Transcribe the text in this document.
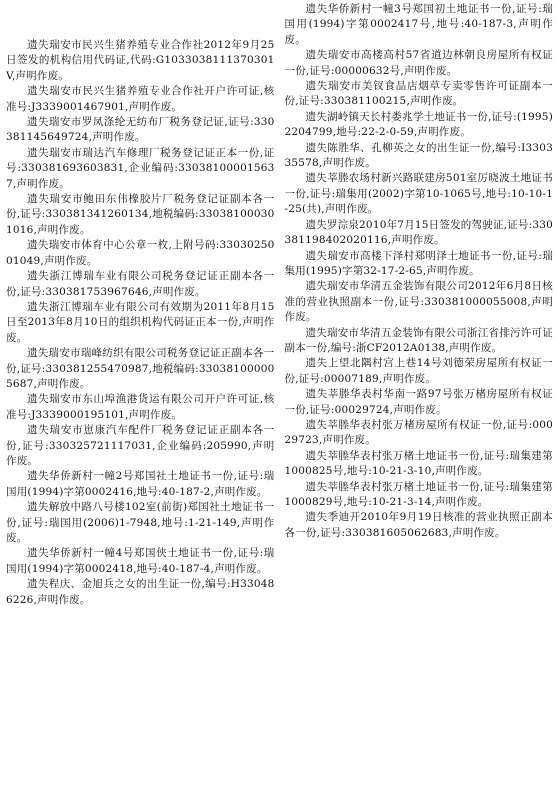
遗失瑞安市民兴生猪养殖专业合作社2012年9月25日签发的机构信用代码证,代码:G1033038111370301V,声明作废。

遗失瑞安市民兴生猪养殖专业合作社开户许可证,核准号:J3339001467901,声明作废。

遗失瑞安市罗凤涤纶无纺布厂税务登记证,证号:330381145649724,声明作废。

遗失瑞安市瑞达汽车修理厂税务登记证正本一份,证号:330381693603831,企业编码:330381000015637,声明作废。

遗失瑞安市鲍田东伟橡胶片厂税务登记证副本各一份,证号:330381341260134,地税编码:330381000301016,声明作废。

遗失瑞安市体育中心公章一枚,上附号码:3303025001049,声明作废。

遗失浙江博瑞车业有限公司税务登记证正副本各一份,证号:330381753967646,声明作废。

遗失浙江博瑞车业有限公司有效期为2011年8月15日至2013年8月10日的组织机构代码证正本一份,声明作废。

遗失瑞安市瑞峰纺织有限公司税务登记证正副本各一份,证号:330381255470987,地税编码:330381000005687,声明作废。

遗失瑞安市东山埠渔港货运有限公司开户许可证,核准号:J3339000195101,声明作废。

遗失瑞安市崽康汽车配件厂税务登记证正副本各一份,证号:330325721117031,企业编码:205990,声明作废。

遗失华侨新村一幢2号郑国社土地证书一份,证号:瑞国用(1994)字第0002416,地号:40-187-2,声明作废。

遗失解放中路八号楼102室(前街)郑国社土地证书一份,证号:瑞国用(2006)1-7948,地号:1-21-149,声明作废。

遗失华侨新村一幢4号郑国侠土地证书一份,证号:瑞国用(1994)字第0002418,地号:40-187-4,声明作废。

遗失程庆、金旭兵之女的出生证一份,编号:H330486226,声明作废。

遗失华侨新村一幢3号郑国初土地证书一份,证号:瑞国用(1994)字第0002417号,地号:40-187-3,声明作废。

遗失瑞安市高楼高村57省道边林朝良房屋所有权证一份,证号:00000632号,声明作废。

遗失瑞安市美钗食品店烟草专卖零售许可证副本一份,证号:330381100215,声明作废。

遗失湖岭镇天长村娄兆学土地证书一份,证号:(1995)2204799,地号:22-2-0-59,声明作废。

遗失陈胜华、孔柳英之女的出生证一份,编号:I330335578,声明作废。

遗失莘塍农场村新兴路联建房501室厉晓波土地证书一份,证号:瑞集用(2002)字第10-1065号,地号:10-10-1-25(共),声明作废。

遗失罗淙泉2010年7月15日签发的驾驶证,证号:330381198402020116,声明作废。

遗失瑞安市高楼下泽村郑明泽土地证书一份,证号:瑞集用(1995)字第32-17-2-65,声明作废。

遗失瑞安市华清五金装饰有限公司2012年6月8日核准的营业执照副本一份,证号:330381000055008,声明作废。

遗失瑞安市华清五金装饰有限公司浙江省排污许可证副本一份,编号:浙CF2012A0138,声明作废。

遗失上望北隅村宫上巷14号刘德荣房屋所有权证一份,证号:00007189,声明作废。

遗失莘塍华表村华南一路97号张万楮房屋所有权证一份,证号:00029724,声明作废。

遗失莘塍华表村张万楮房屋所有权证一份,证号:00029723,声明作废。

遗失莘塍华表村张万楮土地证书一份,证号:瑞集建第1000825号,地号:10-21-3-10,声明作废。

遗失莘塍华表村张万楮土地证书一份,证号:瑞集建第1000829号,地号:10-21-3-14,声明作废。

遗失季迪开2010年9月19日核准的营业执照正副本各一份,证号:330381605062683,声明作废。
